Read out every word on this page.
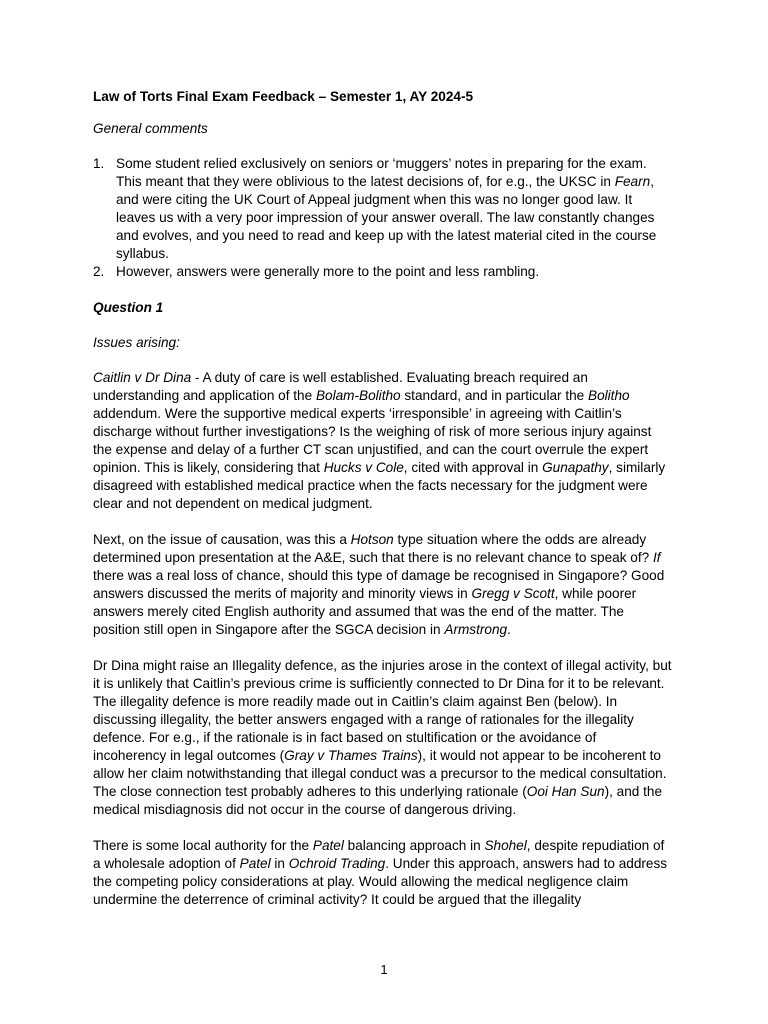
Law of Torts Final Exam Feedback – Semester 1, AY 2024-5
General comments
1. Some student relied exclusively on seniors or ‘muggers’ notes in preparing for the exam. This meant that they were oblivious to the latest decisions of, for e.g., the UKSC in Fearn, and were citing the UK Court of Appeal judgment when this was no longer good law. It leaves us with a very poor impression of your answer overall. The law constantly changes and evolves, and you need to read and keep up with the latest material cited in the course syllabus.
2. However, answers were generally more to the point and less rambling.
Question 1
Issues arising:

Caitlin v Dr Dina - A duty of care is well established. Evaluating breach required an understanding and application of the Bolam-Bolitho standard, and in particular the Bolitho addendum. Were the supportive medical experts ‘irresponsible’ in agreeing with Caitlin’s discharge without further investigations? Is the weighing of risk of more serious injury against the expense and delay of a further CT scan unjustified, and can the court overrule the expert opinion. This is likely, considering that Hucks v Cole, cited with approval in Gunapathy, similarly disagreed with established medical practice when the facts necessary for the judgment were clear and not dependent on medical judgment.

Next, on the issue of causation, was this a Hotson type situation where the odds are already determined upon presentation at the A&E, such that there is no relevant chance to speak of? If there was a real loss of chance, should this type of damage be recognised in Singapore? Good answers discussed the merits of majority and minority views in Gregg v Scott, while poorer answers merely cited English authority and assumed that was the end of the matter. The position still open in Singapore after the SGCA decision in Armstrong.

Dr Dina might raise an Illegality defence, as the injuries arose in the context of illegal activity, but it is unlikely that Caitlin’s previous crime is sufficiently connected to Dr Dina for it to be relevant. The illegality defence is more readily made out in Caitlin’s claim against Ben (below). In discussing illegality, the better answers engaged with a range of rationales for the illegality defence. For e.g., if the rationale is in fact based on stultification or the avoidance of incoherency in legal outcomes (Gray v Thames Trains), it would not appear to be incoherent to allow her claim notwithstanding that illegal conduct was a precursor to the medical consultation. The close connection test probably adheres to this underlying rationale (Ooi Han Sun), and the medical misdiagnosis did not occur in the course of dangerous driving.

There is some local authority for the Patel balancing approach in Shohel, despite repudiation of a wholesale adoption of Patel in Ochroid Trading. Under this approach, answers had to address the competing policy considerations at play. Would allowing the medical negligence claim undermine the deterrence of criminal activity? It could be argued that the illegality

1
